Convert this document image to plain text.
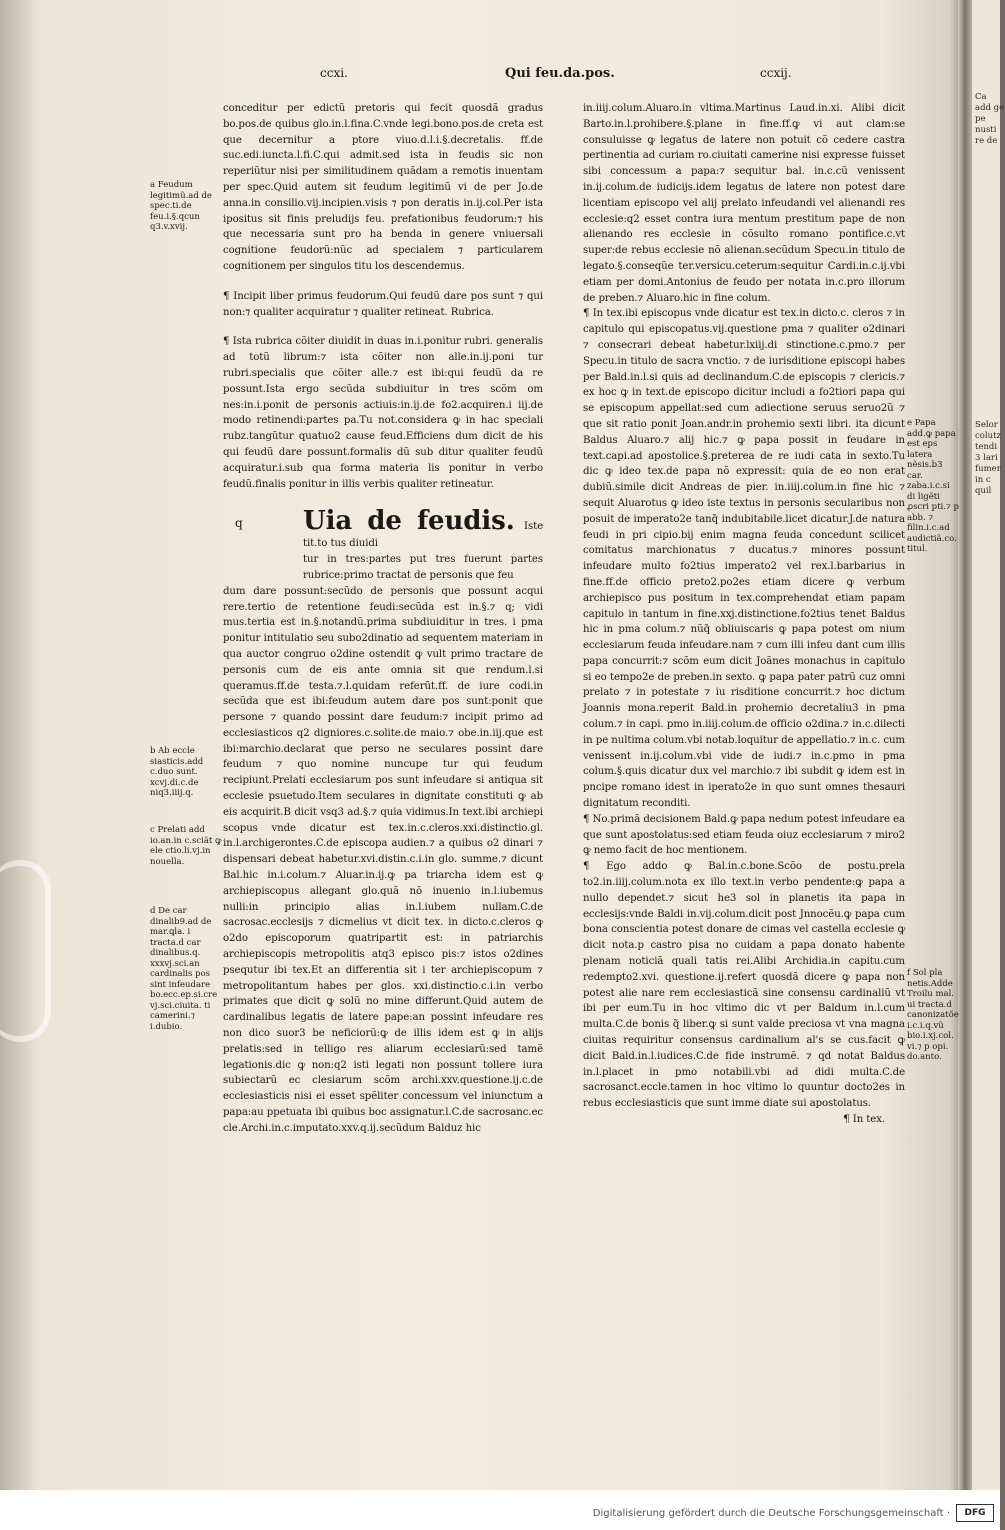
Ca add ge pe nusti re de
Selor colutz tendi 3 lari fumer in c quil
ccxi.	Qui feu.da.pos.	ccxij.
a Feudum legitimũ.ad de spec.ti.de feu.i.§.qcun q3.v.xvij.
b Ab eccle siasticis.add c.duo sunt. xcvj.di.c.de niq3.iiij.q.
c Prelati add io.an.in c.sciãt ꝙ ele ctio.li.vj.in nouella.
d De car dinalib9.ad de mar.ꝗla. i tracta.d car dinalibus.q. xxxvj.sci.an cardinalis pos sint infeudare bo.ecc.ep.si.cre vj.sci.ciuita. ti camerini.⁊ i.dubio.
e Papa add.ꝙ papa est eps latera nẽsis.b3 car. zaba.i.c.si di ligẽti ꝓscri pti.⁊ p abb. ⁊ filin.i.c.ad audictiã.co. titul.
f Sol pla netis.Adde Troilu mal. ui tracta.d canonizatõe i.c.i.q.vũ bio.i.xj.col. vi.⁊ p opi. do.anto.

conceditur per edictũ pretoris qui fecit quosdã gradus bo.pos.de quibus glo.in.l.fina.C.vnde legi.bono.pos.de creta est que decernitur a ptore viuo.d.l.i.§.decretalis. ff.de suc.edi.iuncta.l.fi.C.qui admit.sed ista in feudis sic non reperiũtur nisi per similitudinem quãdam a remotis inuentam per spec.Quid autem sit feudum legitimũ vi de per Jo.de anna.in consilio.vij.incipien.visis ⁊ pon deratis in.ij.col.Per ista ipositus sit finis preludijs feu. prefationibus feudorum:⁊ his que necessaria sunt pro ha benda in genere vniuersali cognitione feudorũ:nũc ad specialem ⁊ particularem cognitionem per singulos titu los descendemus.

¶ Incipit liber primus feudorum.Qui feudũ dare pos sunt ⁊ qui non:⁊ qualiter acquiratur ⁊ qualiter retineat. Rubrica.

¶ Ista rubrica cõiter diuidit in duas in.i.ponitur rubri. generalis ad totũ librum:⁊ ista cõiter non alle.in.ij.poni tur rubri.specialis que cõiter alle.⁊ est ibi:qui feudũ da re possunt.Ista ergo secũda subdiuitur in tres scõm om nes:in.i.ponit de personis actiuis:in.ij.de fo2.acquiren.i iij.de modo retinendi:partes pa.Tu not.considera ꝙ in hac speciali rubz.tangũtur quatuo2 cause feud.Efficiens dum dicit de his qui feudũ dare possunt.formalis dũ sub ditur qualiter feudũ acquiratur.i.sub qua forma materia lis ponitur in verbo feudũ.finalis ponitur in illis verbis qualiter retineatur.

q Uia de feudis. Iste tit.to tus diuidi

tur in tres:partes put tres fuerunt partes rubrice:primo tractat de personis que feu

dum dare possunt:secũdo de personis que possunt acqui rere.tertio de retentione feudi:secũda est in.§.⁊ q; vidi mus.tertia est in.§.notandũ.prima subdiuiditur in tres. i pma ponitur intitulatio seu subo2dinatio ad sequentem materiam in qua auctor congruo o2dine ostendit ꝙ vult primo tractare de personis cum de eis ante omnia sit que rendum.l.si queramus.ff.de testa.⁊.l.quidam referũt.ff. de iure codi.in secũda que est ibi:feudum autem dare pos sunt:ponit que persone ⁊ quando possint dare feudum:⁊ incipit primo ad ecclesiasticos q2 digniores.c.solite.de maio.⁊ obe.in.iij.que est ibi:marchio.declarat que perso ne seculares possint dare feudum ⁊ quo nomine nuncupe tur qui feudum recipiunt.Prelati ecclesiarum pos sunt infeudare si antiqua sit ecclesie psuetudo.Item seculares in dignitate constituti ꝙ ab eis acquirit.B dicit vsq3 ad.§.⁊ quia vidimus.In text.ibi archiepi scopus vnde dicatur est tex.in.c.cleros.xxi.distinctio.gl. in.l.archigerontes.C.de episcopa audien.⁊ a quibus o2 dinari ⁊ dispensari debeat habetur.xvi.distin.c.i.in glo. summe.⁊ dicunt Bal.hic in.i.colum.⁊ Aluar.in.ij.ꝙ pa triarcha idem est ꝙ archiepiscopus allegant glo.quã nõ inuenio in.l.iubemus nulli:in principio alias in.l.iubem nullam.C.de sacrosac.ecclesijs ⁊ dicmelius vt dicit tex. in dicto.c.cleros ꝙ o2do episcoporum quatripartit est: in patriarchis archiepiscopis metropolitis atq3 episco pis:⁊ istos o2dines psequtur ibi tex.Et an differentia sit i ter archiepiscopum ⁊ metropolitantum habes per glos. xxi.distinctio.c.i.in verbo primates que dicit ꝙ solũ no mine differunt.Quid autem de cardinalibus legatis de latere pape:an possint infeudare res non dico suor3 be neficiorũ:ꝙ de illis idem est ꝙ in alijs prelatis:sed in telligo res aliarum ecclesiarũ:sed tamẽ legationis.dic ꝙ non:q2 isti legati non possunt tollere iura subiectarũ ec clesiarum scõm archi.xxv.questione.ij.c.de ecclesiasticis nisi ei esset spẽliter concessum vel iniunctum a papa:au ppetuata ibi quibus boc assignatur.l.C.de sacrosanc.ec cle.Archi.in.c.imputato.xxv.q.ij.secũdum Balduz hic

in.iiij.colum.Aluaro.in vltima.Martinus Laud.in.xi. Alibi dicit Barto.in.l.prohibere.§.plane in fine.ff.ꝙ vi aut clam:se consuluisse ꝙ legatus de latere non potuit cõ cedere castra pertinentia ad curiam ro.ciuitati camerine nisi expresse fuisset sibi concessum a papa:⁊ sequitur bal. in.c.cũ venissent in.ij.colum.de iudicijs.idem legatus de latere non potest dare licentiam episcopo vel alij prelato infeudandi vel alienandi res ecclesie:q2 esset contra iura mentum prestitum pape de non alienando res ecclesie in cõsulto romano pontifice.c.vt super:de rebus ecclesie nõ alienan.secũdum Specu.in titulo de legato.§.conseqũe ter.versicu.ceterum:sequitur Cardi.in.c.ij.vbi etiam per domi.Antonius de feudo per notata in.c.pro illorum de preben.⁊ Aluaro.hic in fine colum.

¶ In tex.ibi episcopus vnde dicatur est tex.in dicto.c. cleros ⁊ in capitulo qui episcopatus.vij.questione pma ⁊ qualiter o2dinari ⁊ consecrari debeat habetur.lxiij.di stinctione.c.pmo.⁊ per Specu.in titulo de sacra vnctio. ⁊ de iurisditione episcopi habes per Bald.in.l.si quis ad declinandum.C.de episcopis ⁊ clericis.⁊ ex hoc ꝙ in text.de episcopo dicitur includi a fo2tiori papa qui se episcopum appellat:sed cum adiectione seruus seruo2ũ ⁊ que sit ratio ponit Joan.andr.in prohemio sexti libri. ita dicunt Baldus Aluaro.⁊ alij hic.⁊ ꝙ papa possit in feudare in text.capi.ad apostolice.§.preterea de re iudi cata in sexto.Tu dic ꝙ ideo tex.de papa nõ expressit: quia de eo non erat dubiũ.simile dicit Andreas de pier. in.iiij.colum.in fine hic ⁊ sequit Aluarotus ꝙ ideo iste textus in personis secularibus non posuit de imperato2e tanq̃ indubitabile.licet dicatur.J.de natura feudi in pri cipio.bij enim magna feuda concedunt scilicet comitatus marchionatus ⁊ ducatus.⁊ minores possunt infeudare multo fo2tius imperato2 vel rex.l.barbarius in fine.ff.de officio preto2.po2es etiam dicere ꝙ verbum archiepisco pus positum in tex.comprehendat etiam papam capitulo in tantum in fine.xxj.distinctione.fo2tius tenet Baldus hic in pma colum.⁊ nũq̃ obliuiscaris ꝙ papa potest om nium ecclesiarum feuda infeudare.nam ⁊ cum illi infeu dant cum illis papa concurrit:⁊ scõm eum dicit Joãnes monachus in capitulo si eo tempo2e de preben.in sexto. ꝙ papa pater patrũ cuz omni prelato ⁊ in potestate ⁊ iu risditione concurrit.⁊ hoc dictum Joannis mona.reperit Bald.in prohemio decretaliu3 in pma colum.⁊ in capi. pmo in.iiij.colum.de officio o2dina.⁊ in.c.dilecti in pe nultima colum.vbi notab.loquitur de appellatio.⁊ in.c. cum venissent in.ij.colum.vbi vide de iudi.⁊ in.c.pmo in pma colum.§.quis dicatur dux vel marchio.⁊ ibi subdit ꝙ idem est in pncipe romano idest in iperato2e in quo sunt omnes thesauri dignitatum reconditi.

¶ No.primã decisionem Bald.ꝙ papa nedum potest infeudare ea que sunt apostolatus:sed etiam feuda oiuz ecclesiarum ⁊ miro2 ꝙ nemo facit de hoc mentionem.

¶ Ego addo ꝙ Bal.in.c.bone.Scõo de postu.prela to2.in.iiij.colum.nota ex illo text.in verbo pendente:ꝙ papa a nullo dependet.⁊ sicut he3 sol in planetis ita papa in ecclesijs:vnde Baldi in.vij.colum.dicit post Jnnocẽu.ꝙ papa cum bona conscientia potest donare de cimas vel castella ecclesie ꝙ dicit nota.p castro pisa no cuidam a papa donato habente plenam noticiã quali tatis rei.Alibi Archidia.in capitu.cum redempto2.xvi. questione.ij.refert quosdã dicere ꝙ papa non potest alie nare rem ecclesiasticã sine consensu cardinaliũ vt ibi per eum.Tu in hoc vltimo dic vt per Baldum in.l.cum multa.C.de bonis q̃ liber.ꝙ si sunt valde preciosa vt vna magna ciuitas requiritur consensus cardinalium al's se cus.facit ꝙ dicit Bald.in.l.iudices.C.de fide instrumẽ. ⁊ qd notat Baldus in.l.placet in pmo notabili.vbi ad didi multa.C.de sacrosanct.eccle.tamen in hoc vltimo lo quuntur docto2es in rebus ecclesiasticis que sunt imme diate sui apostolatus.

¶ In tex.

Digitalisierung gefördert durch die Deutsche Forschungsgemeinschaft ·	DFG
